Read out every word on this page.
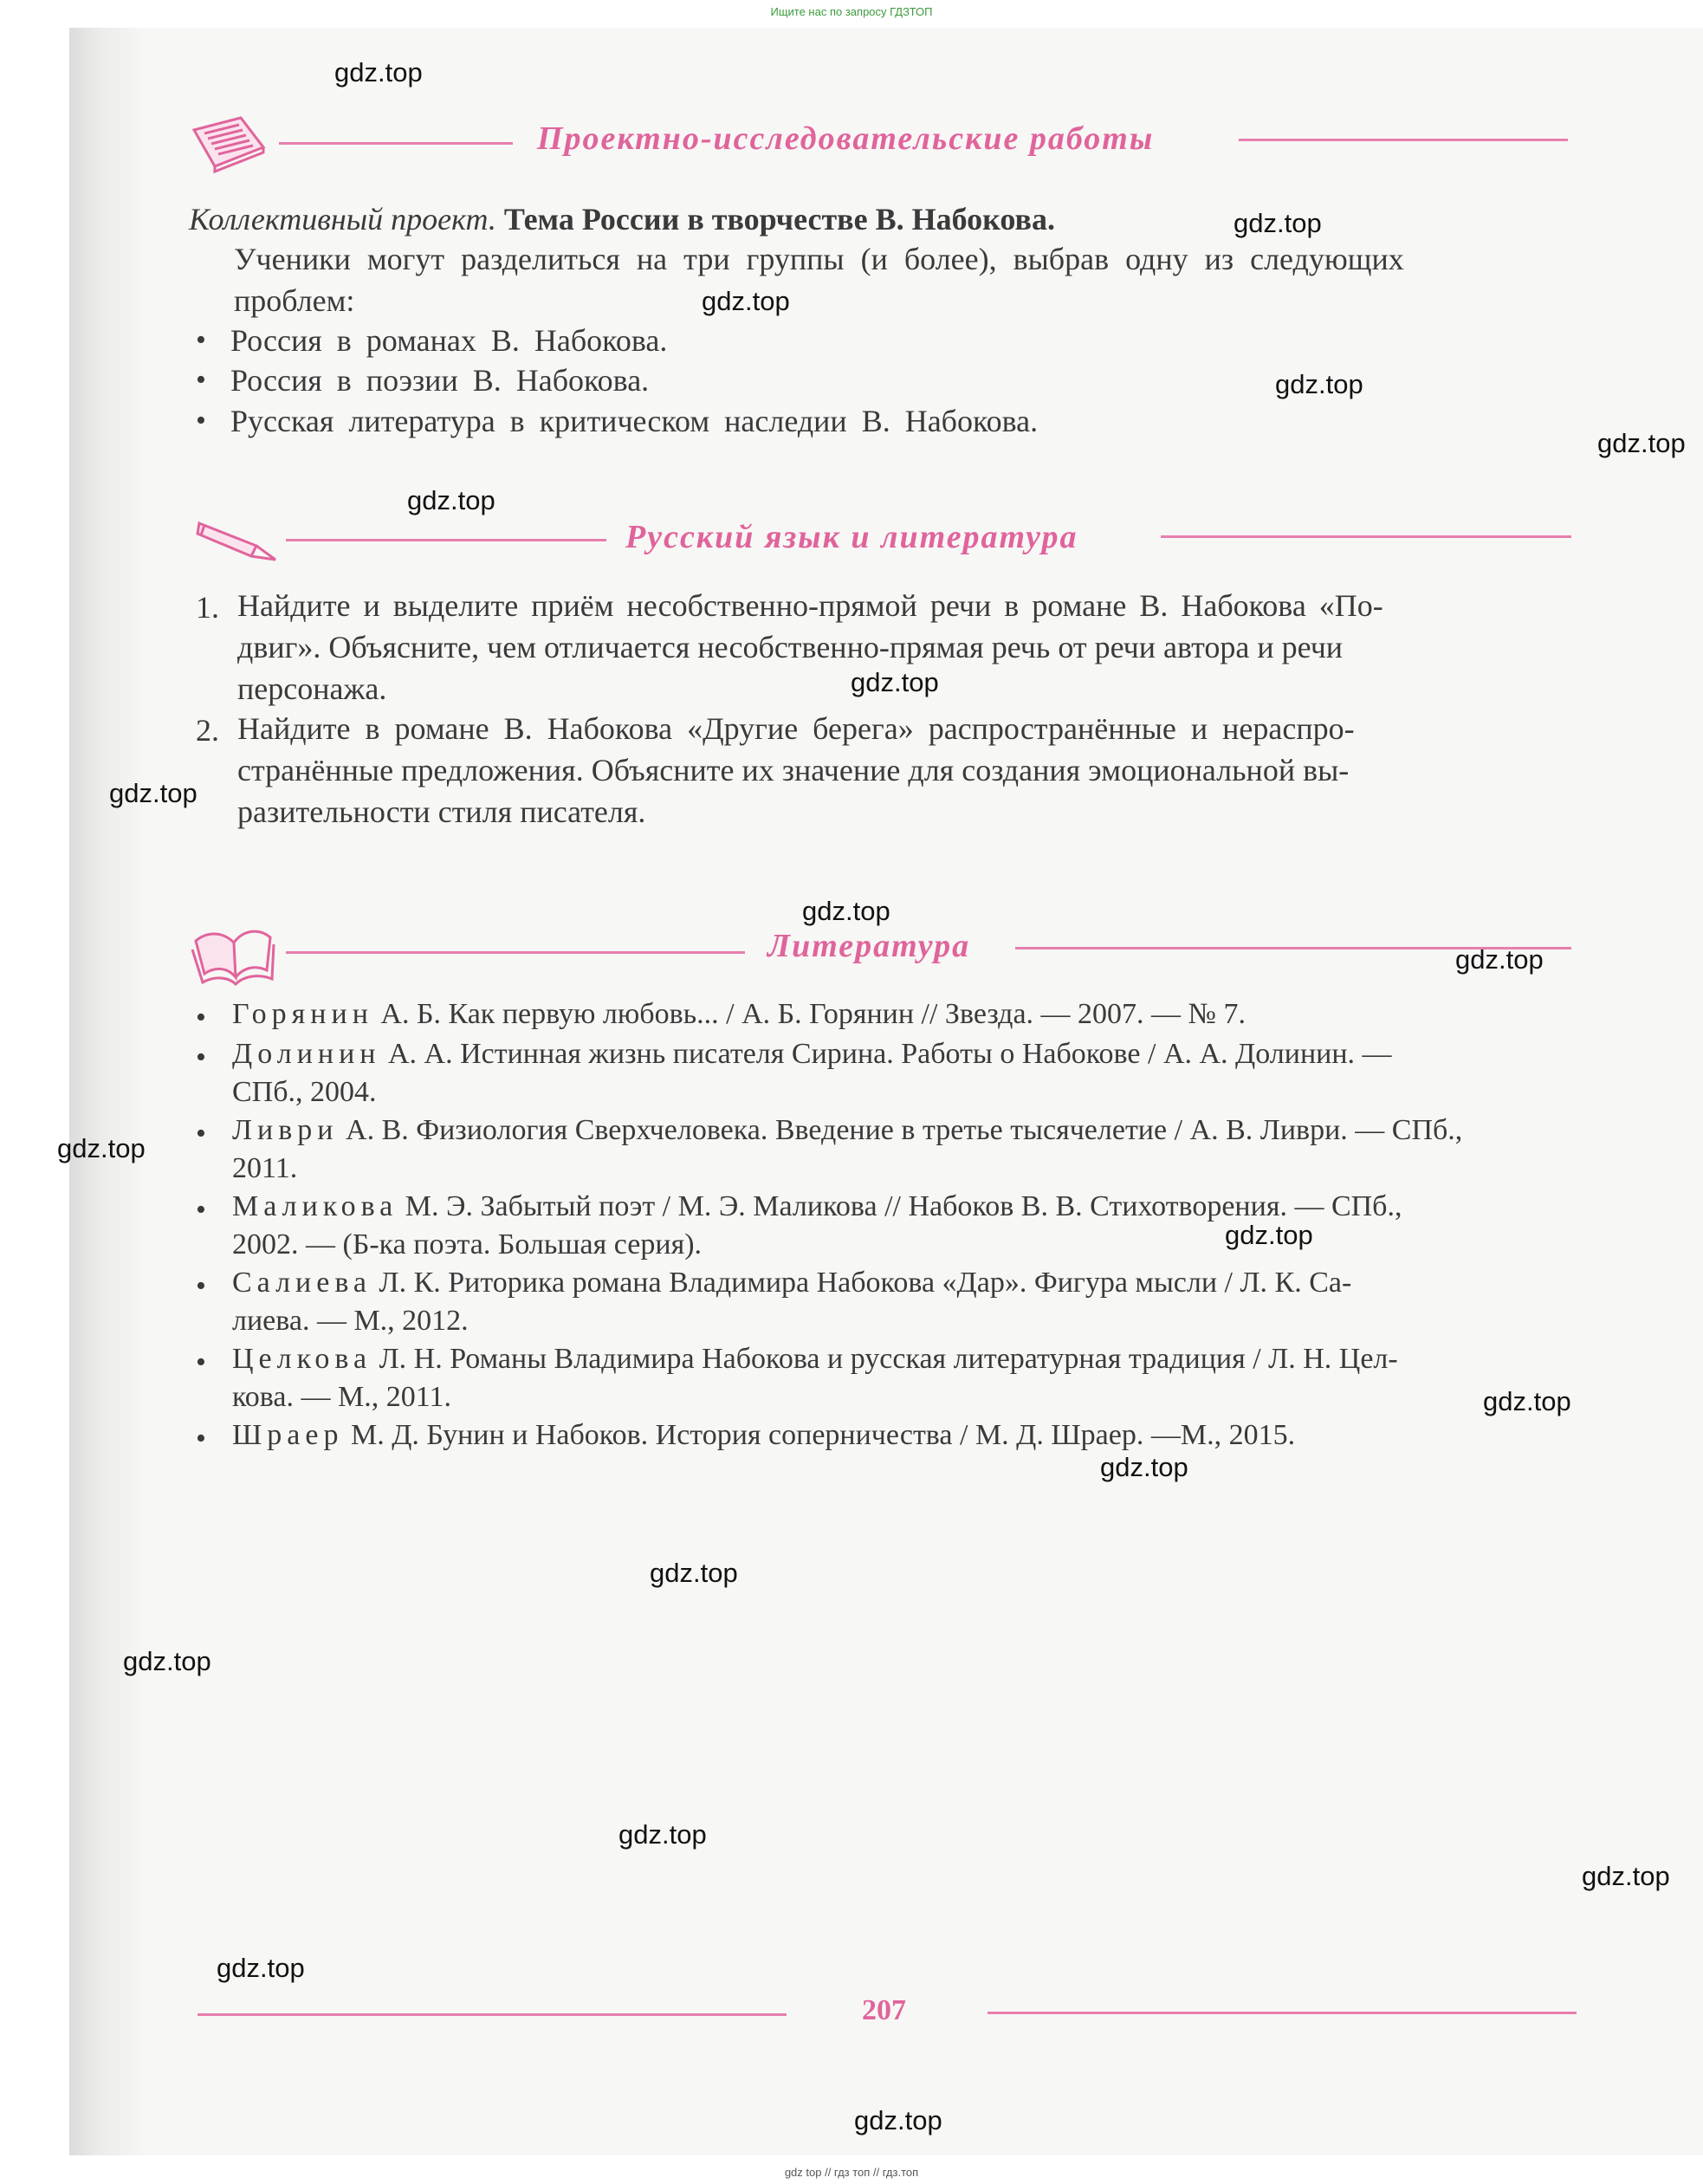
Ищите нас по запросу ГДЗТОП
Проектно-исследовательские работы
Коллективный проект. Тема России в творчестве В. Набокова.
Ученики могут разделиться на три группы (и более), выбрав одну из следующих
проблем:
• Россия в романах В. Набокова.
• Россия в поэзии В. Набокова.
• Русская литература в критическом наследии В. Набокова.
Русский язык и литература
1. Найдите и выделите приём несобственно-прямой речи в романе В. Набокова «По-
двиг». Объясните, чем отличается несобственно-прямая речь от речи автора и речи
персонажа.
2. Найдите в романе В. Набокова «Другие берега» распространённые и нераспро-
странённые предложения. Объясните их значение для создания эмоциональной вы-
разительности стиля писателя.
Литература
• Горянин А. Б. Как первую любовь... / А. Б. Горянин // Звезда. — 2007. — № 7.
• Долинин А. А. Истинная жизнь писателя Сирина. Работы о Набокове / А. А. Долинин. —
СПб., 2004.
• Ливри А. В. Физиология Сверхчеловека. Введение в третье тысячелетие / А. В. Ливри. — СПб.,
2011.
• Маликова М. Э. Забытый поэт / М. Э. Маликова // Набоков В. В. Стихотворения. — СПб.,
2002. — (Б-ка поэта. Большая серия).
• Салиева Л. К. Риторика романа Владимира Набокова «Дар». Фигура мысли / Л. К. Са-
лиева. — М., 2012.
• Целкова Л. Н. Романы Владимира Набокова и русская литературная традиция / Л. Н. Цел-
кова. — М., 2011.
• Шраер М. Д. Бунин и Набоков. История соперничества / М. Д. Шраер. —М., 2015.
207
gdz top // гдз топ // гдз.топ
gdz.top
gdz.top
gdz.top
gdz.top
gdz.top
gdz.top
gdz.top
gdz.top
gdz.top
gdz.top
gdz.top
gdz.top
gdz.top
gdz.top
gdz.top
gdz.top
gdz.top
gdz.top
gdz.top
gdz.top
